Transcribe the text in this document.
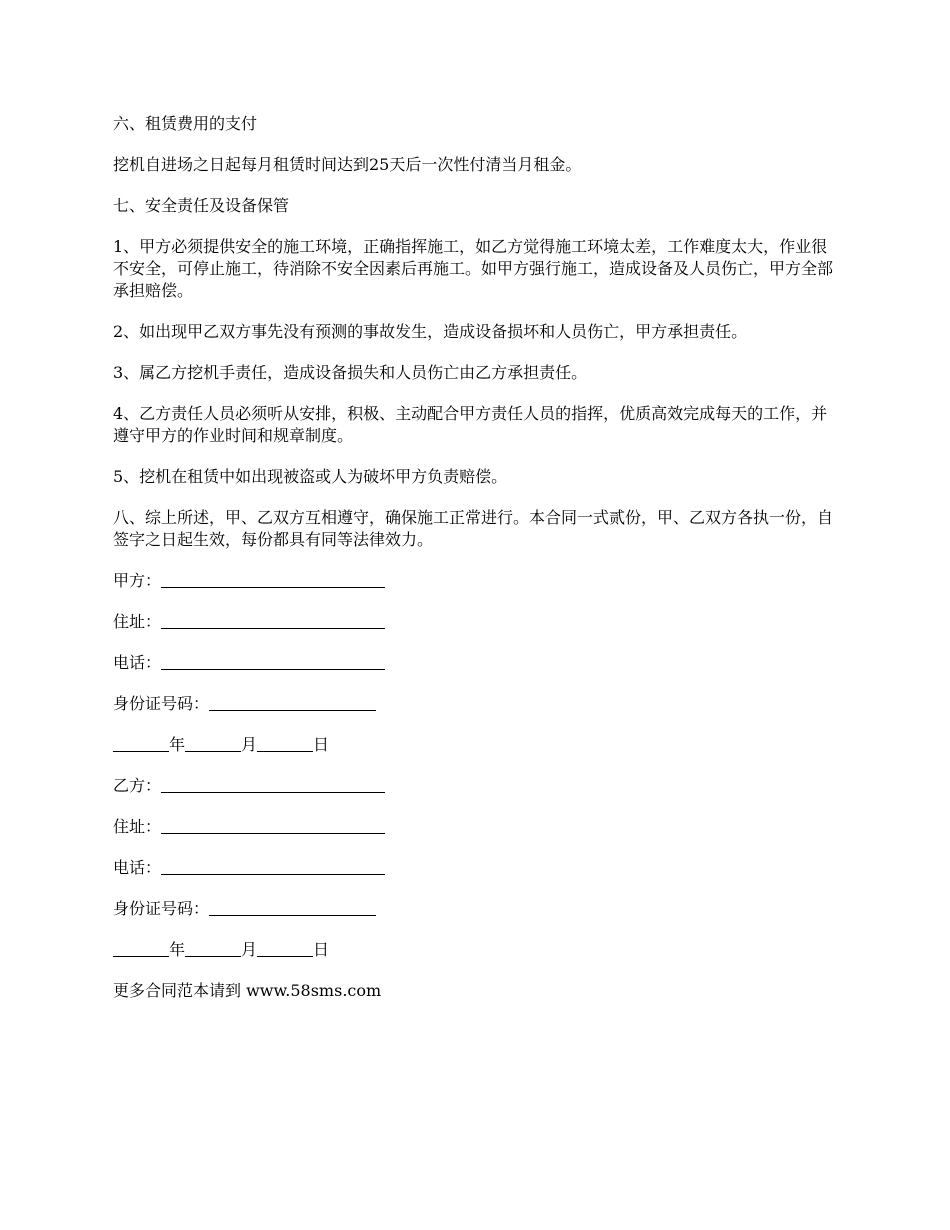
六、租赁费用的支付

挖机自进场之日起每月租赁时间达到25天后一次性付清当月租金。

七、安全责任及设备保管

1、甲方必须提供安全的施工环境，正确指挥施工，如乙方觉得施工环境太差，工作难度太大，作业很不安全，可停止施工，待消除不安全因素后再施工。如甲方强行施工，造成设备及人员伤亡，甲方全部承担赔偿。

2、如出现甲乙双方事先没有预测的事故发生，造成设备损坏和人员伤亡，甲方承担责任。

3、属乙方挖机手责任，造成设备损失和人员伤亡由乙方承担责任。

4、乙方责任人员必须听从安排，积极、主动配合甲方责任人员的指挥，优质高效完成每天的工作，并遵守甲方的作业时间和规章制度。

5、挖机在租赁中如出现被盗或人为破坏甲方负责赔偿。

八、综上所述，甲、乙双方互相遵守，确保施工正常进行。本合同一式贰份，甲、乙双方各执一份，自签字之日起生效，每份都具有同等法律效力。

甲方：
住址：
电话：
身份证号码：
年	月	日
乙方：
住址：
电话：
身份证号码：
年	月	日

更多合同范本请到 www.58sms.com
